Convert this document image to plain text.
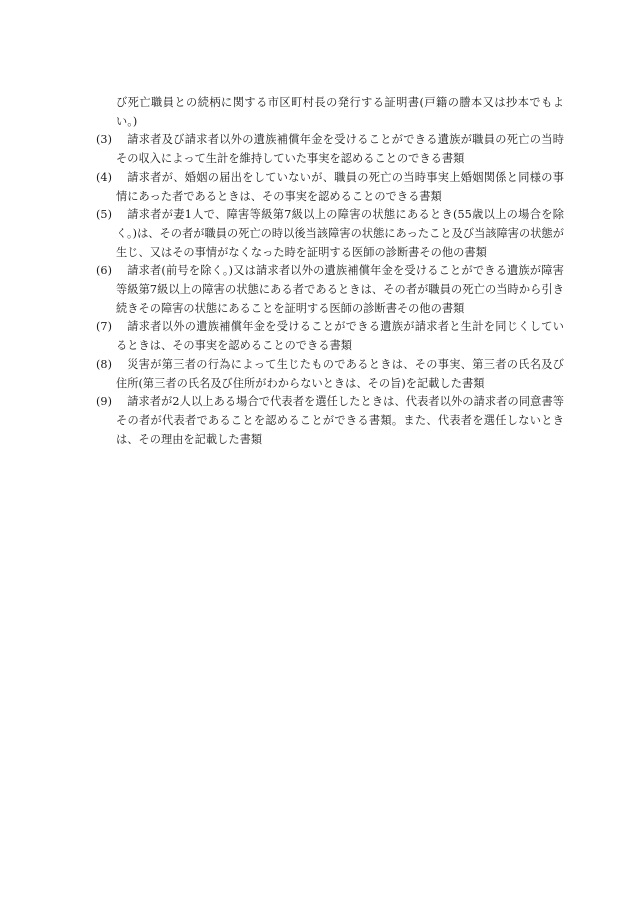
び死亡職員との続柄に関する市区町村長の発行する証明書(戸籍の謄本又は抄本でもよい。)
(3)	請求者及び請求者以外の遺族補償年金を受けることができる遺族が職員の死亡の当時その収入によって生計を維持していた事実を認めることのできる書類
(4)	請求者が、婚姻の届出をしていないが、職員の死亡の当時事実上婚姻関係と同様の事情にあった者であるときは、その事実を認めることのできる書類
(5)	請求者が妻1人で、障害等級第7級以上の障害の状態にあるとき(55歳以上の場合を除く。)は、その者が職員の死亡の時以後当該障害の状態にあったこと及び当該障害の状態が生じ、又はその事情がなくなった時を証明する医師の診断書その他の書類
(6)	請求者(前号を除く。)又は請求者以外の遺族補償年金を受けることができる遺族が障害等級第7級以上の障害の状態にある者であるときは、その者が職員の死亡の当時から引き続きその障害の状態にあることを証明する医師の診断書その他の書類
(7)	請求者以外の遺族補償年金を受けることができる遺族が請求者と生計を同じくしているときは、その事実を認めることのできる書類
(8)	災害が第三者の行為によって生じたものであるときは、その事実、第三者の氏名及び住所(第三者の氏名及び住所がわからないときは、その旨)を記載した書類
(9)	請求者が2人以上ある場合で代表者を選任したときは、代表者以外の請求者の同意書等その者が代表者であることを認めることができる書類。また、代表者を選任しないときは、その理由を記載した書類
